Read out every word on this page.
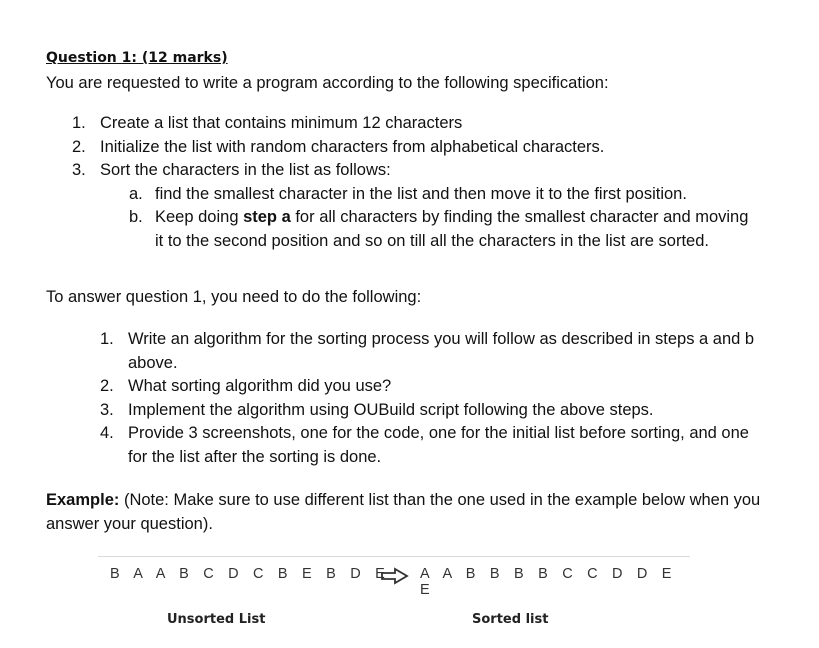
Question 1: (12 marks)
You are requested to write a program according to the following specification:
1. Create a list that contains minimum 12 characters
2. Initialize the list with random characters from alphabetical characters.
3. Sort the characters in the list as follows:
a. find the smallest character in the list and then move it to the first position.
b. Keep doing step a for all characters by finding the smallest character and moving it to the second position and so on till all the characters in the list are sorted.
To answer question 1, you need to do the following:
1. Write an algorithm for the sorting process you will follow as described in steps a and b above.
2. What sorting algorithm did you use?
3. Implement the algorithm using OUBuild script following the above steps.
4. Provide 3 screenshots, one for the code, one for the initial list before sorting, and one for the list after the sorting is done.
Example: (Note: Make sure to use different list than the one used in the example below when you answer your question).
B A A B C D C B E B D E A A B B B B C C D D E E
Unsorted List	Sorted list
